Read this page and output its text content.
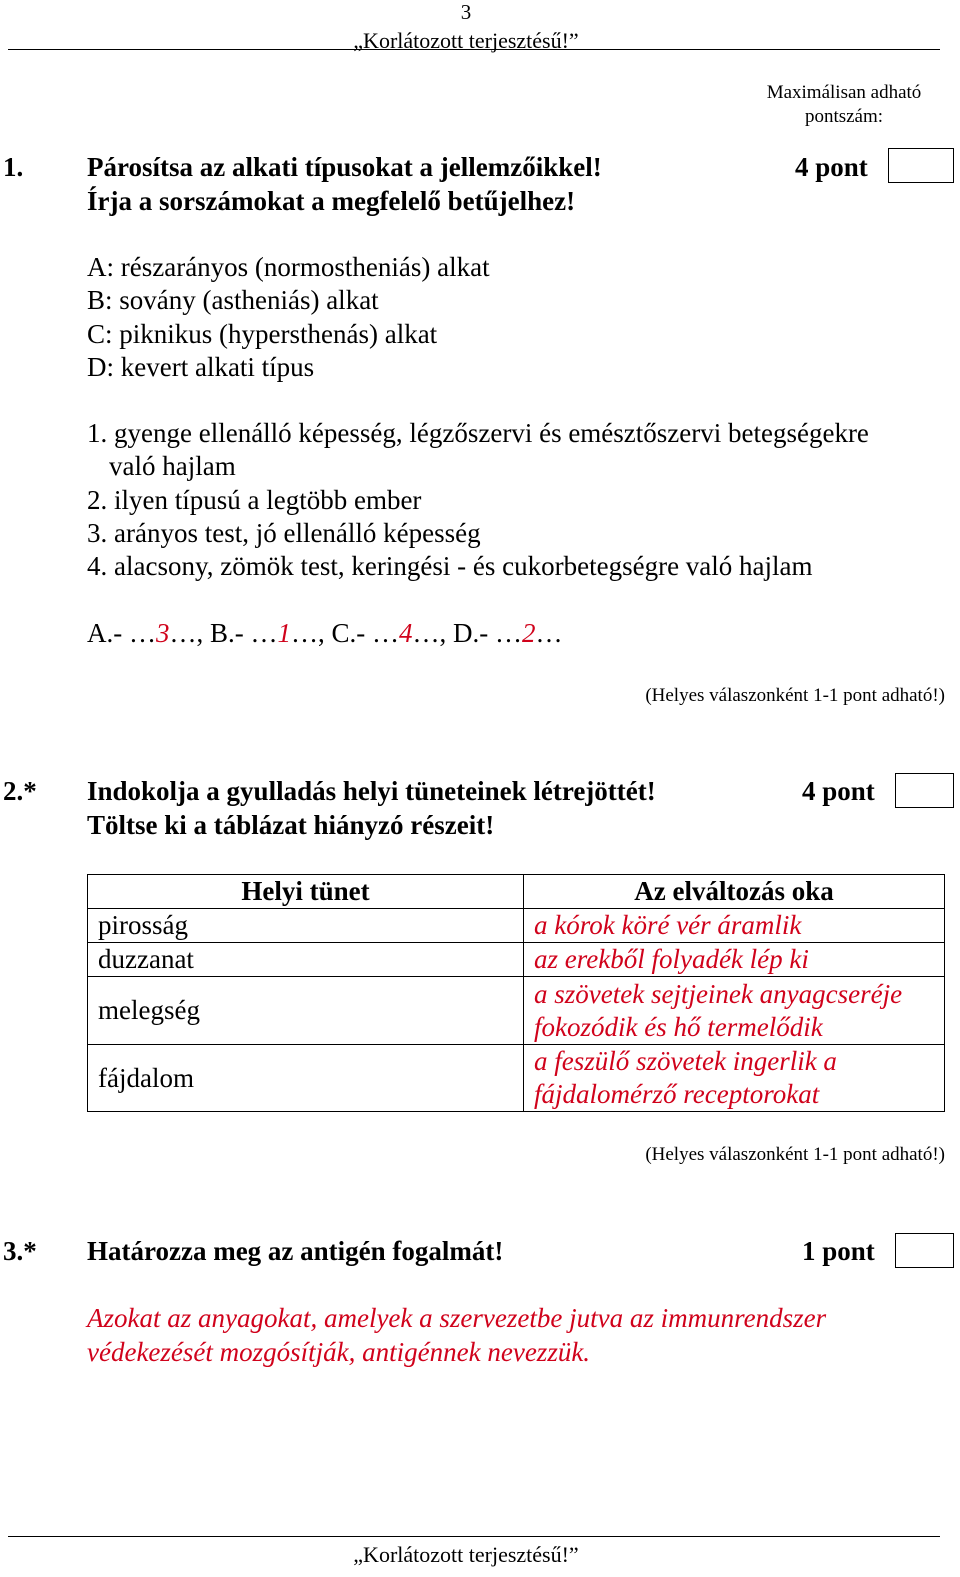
3
„Korlátozott terjesztésű!”
Maximálisan adható
pontszám:
1. Párosítsa az alkati típusokat a jellemzőikkel!
Írja a sorszámokat a megfelelő betűjelhez!
4 pont
A: részarányos (normostheniás) alkat
B: sovány (astheniás) alkat
C: piknikus (hypersthenás) alkat
D: kevert alkati típus
1. gyenge ellenálló képesség, légzőszervi és emésztőszervi betegségekre
való hajlam
2. ilyen típusú a legtöbb ember
3. arányos test, jó ellenálló képesség
4. alacsony, zömök test, keringési - és cukorbetegségre való hajlam
A.- …3…, B.- …1…, C.- …4…, D.- …2…
(Helyes válaszonként 1-1 pont adható!)
2.* Indokolja a gyulladás helyi tüneteinek létrejöttét!
Töltse ki a táblázat hiányzó részeit!
4 pont
Helyi tünet	Az elváltozás oka
pirosság	a kórok köré vér áramlik
duzzanat	az erekből folyadék lép ki
melegség	a szövetek sejtjeinek anyagcseréje fokozódik és hő termelődik
fájdalom	a feszülő szövetek ingerlik a fájdalomérző receptorokat
(Helyes válaszonként 1-1 pont adható!)
3.* Határozza meg az antigén fogalmát!	1 pont
Azokat az anyagokat, amelyek a szervezetbe jutva az immunrendszer
védekezését mozgósítják, antigénnek nevezzük.
„Korlátozott terjesztésű!”
